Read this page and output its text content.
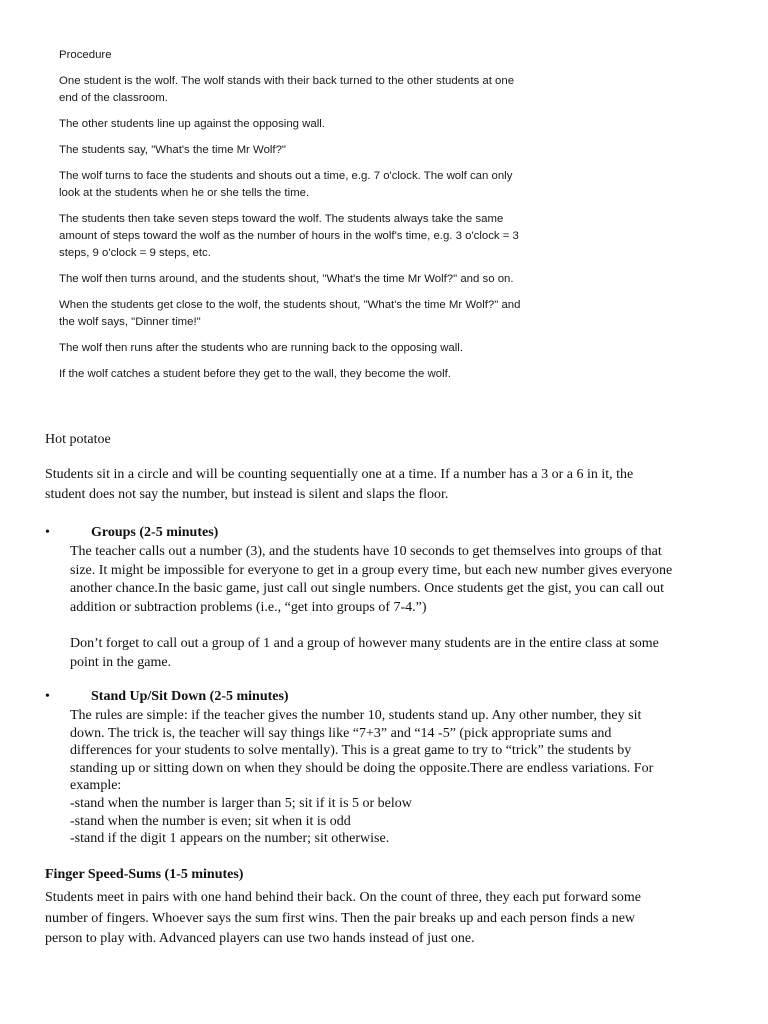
Procedure

One student is the wolf. The wolf stands with their back turned to the other students at one

end of the classroom.

The other students line up against the opposing wall.

The students say, "What's the time Mr Wolf?"

The wolf turns to face the students and shouts out a time, e.g. 7 o'clock. The wolf can only

look at the students when he or she tells the time.

The students then take seven steps toward the wolf. The students always take the same

amount of steps toward the wolf as the number of hours in the wolf's time, e.g. 3 o'clock = 3

steps, 9 o'clock = 9 steps, etc.

The wolf then turns around, and the students shout, "What's the time Mr Wolf?" and so on.

When the students get close to the wolf, the students shout, "What's the time Mr Wolf?" and

the wolf says, "Dinner time!"

The wolf then runs after the students who are running back to the opposing wall.

If the wolf catches a student before they get to the wall, they become the wolf.

Hot potatoe

Students sit in a circle and will be counting sequentially one at a time. If a number has a 3 or a 6 in it, the

student does not say the number, but instead is silent and slaps the floor.

•	Groups (2-5 minutes)

The teacher calls out a number (3), and the students have 10 seconds to get themselves into groups of that

size. It might be impossible for everyone to get in a group every time, but each new number gives everyone

another chance.In the basic game, just call out single numbers. Once students get the gist, you can call out

addition or subtraction problems (i.e., “get into groups of 7-4.”)

Don’t forget to call out a group of 1 and a group of however many students are in the entire class at some

point in the game.

•	Stand Up/Sit Down (2-5 minutes)

The rules are simple: if the teacher gives the number 10, students stand up. Any other number, they sit

down. The trick is, the teacher will say things like “7+3” and “14 -5” (pick appropriate sums and

differences for your students to solve mentally). This is a great game to try to “trick” the students by

standing up or sitting down on when they should be doing the opposite.There are endless variations. For

example:

-stand when the number is larger than 5; sit if it is 5 or below

-stand when the number is even; sit when it is odd

-stand if the digit 1 appears on the number; sit otherwise.

Finger Speed-Sums (1-5 minutes)

Students meet in pairs with one hand behind their back. On the count of three, they each put forward some

number of fingers. Whoever says the sum first wins. Then the pair breaks up and each person finds a new

person to play with. Advanced players can use two hands instead of just one.
